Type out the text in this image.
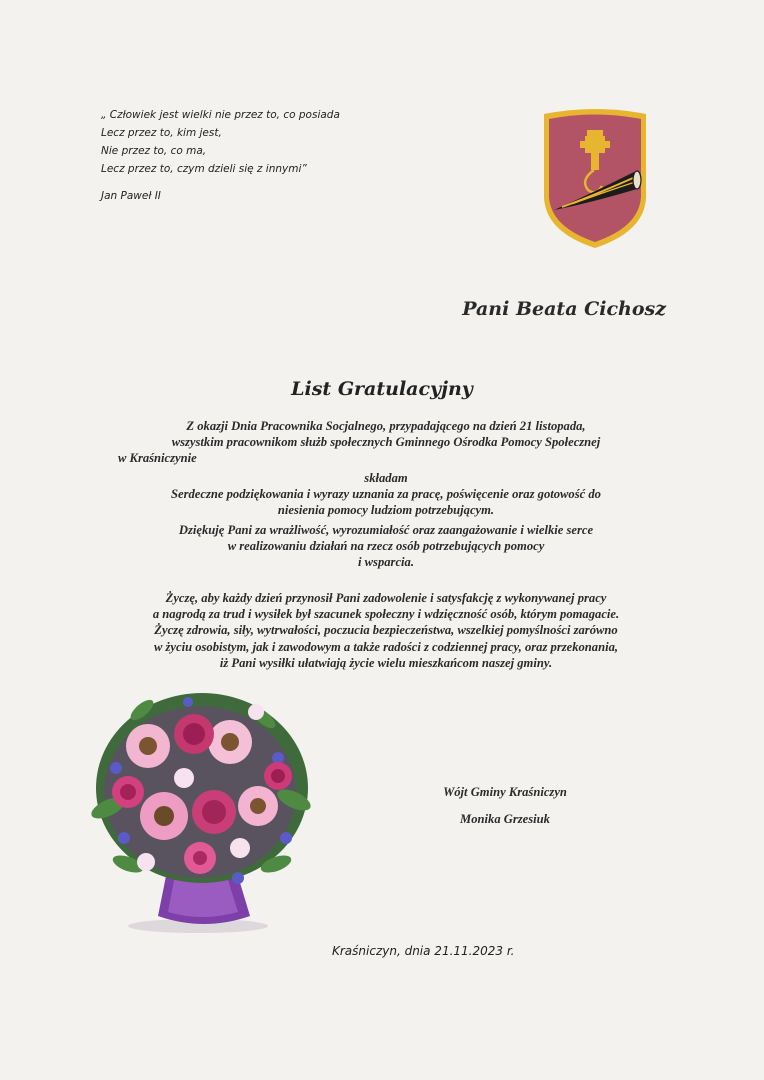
„ Człowiek jest wielki nie przez to, co posiada
Lecz przez to, kim jest,
Nie przez to, co ma,
Lecz przez to, czym dzieli się z innymi”
Jan Paweł II
Pani Beata Cichosz
List Gratulacyjny
Z okazji Dnia Pracownika Socjalnego, przypadającego na dzień 21 listopada,
wszystkim pracownikom służb społecznych Gminnego Ośrodka Pomocy Społecznej
w Kraśniczynie
składam
Serdeczne podziękowania i wyrazy uznania za pracę, poświęcenie oraz gotowość do
niesienia pomocy ludziom potrzebującym.
Dziękuję Pani za wrażliwość, wyrozumiałość oraz zaangażowanie i wielkie serce
w realizowaniu działań na rzecz osób potrzebujących pomocy
i wsparcia.
Życzę, aby każdy dzień przynosił Pani zadowolenie i satysfakcję z wykonywanej pracy
a nagrodą za trud i wysiłek był szacunek społeczny i wdzięczność osób, którym pomagacie.
Życzę zdrowia, siły, wytrwałości, poczucia bezpieczeństwa, wszelkiej pomyślności zarówno
w życiu osobistym, jak i zawodowym a także radości z codziennej pracy, oraz przekonania,
iż Pani wysiłki ułatwiają życie wielu mieszkańcom naszej gminy.
Wójt Gminy Kraśniczyn
Monika Grzesiuk
Kraśniczyn, dnia 21.11.2023 r.
